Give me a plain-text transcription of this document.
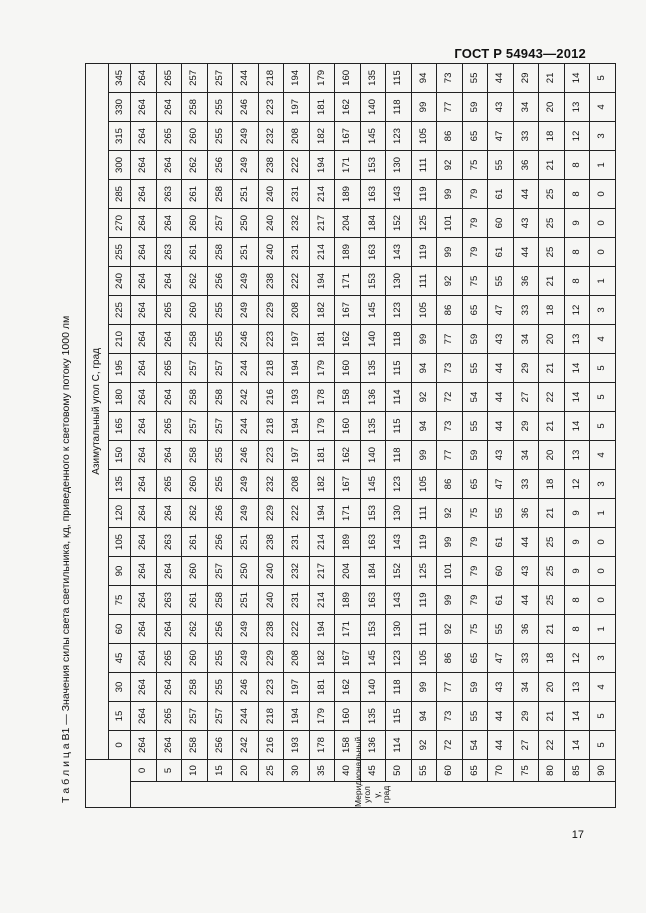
ГОСТ Р 54943—2012
Т а б л и ц а В1 — Значения силы света светильника, кд, приведенного к световому потоку 1000 лм
		Азимутальный угол C, град																							
		0	15	30	45	60	75	90	105	120	135	150	165	180	195	210	225	240	255	270	285	300	315	330	345
Меридиональный угол γ, град	0	264	264	264	264	264	264	264	264	264	264	264	264	264	264	264	264	264	264	264	264	264	264	264	264
	5	264	265	264	265	264	263	264	263	264	265	264	265	264	265	264	265	264	263	264	263	264	265	264	265
	10	258	257	258	260	262	261	260	261	262	260	258	257	258	257	258	260	262	261	260	261	262	260	258	257
	15	256	257	255	255	256	258	257	256	256	255	255	257	258	257	255	255	256	258	257	258	256	255	255	257
	20	242	244	246	249	249	251	250	251	249	249	246	244	242	244	246	249	249	251	250	251	249	249	246	244
	25	216	218	223	229	238	240	240	238	229	232	223	218	216	218	223	229	238	240	240	240	238	232	223	218
	30	193	194	197	208	222	231	232	231	222	208	197	194	193	194	197	208	222	231	232	231	222	208	197	194
	35	178	179	181	182	194	214	217	214	194	182	181	179	178	179	181	182	194	214	217	214	194	182	181	179
	40	158	160	162	167	171	189	204	189	171	167	162	160	158	160	162	167	171	189	204	189	171	167	162	160
	45	136	135	140	145	153	163	184	163	153	145	140	135	136	135	140	145	153	163	184	163	153	145	140	135
	50	114	115	118	123	130	143	152	143	130	123	118	115	114	115	118	123	130	143	152	143	130	123	118	115
	55	92	94	99	105	111	119	125	119	111	105	99	94	92	94	99	105	111	119	125	119	111	105	99	94
	60	72	73	77	86	92	99	101	99	92	86	77	73	72	73	77	86	92	99	101	99	92	86	77	73
	65	54	55	59	65	75	79	79	79	75	65	59	55	54	55	59	65	75	79	79	79	75	65	59	55
	70	44	44	43	47	55	61	60	61	55	47	43	44	44	44	43	47	55	61	60	61	55	47	43	44
	75	27	29	34	33	36	44	43	44	36	33	34	29	27	29	34	33	36	44	43	44	36	33	34	29
	80	22	21	20	18	21	25	25	25	21	18	20	21	22	21	20	18	21	25	25	25	21	18	20	21
	85	14	14	13	12	8	8	9	9	9	12	13	14	14	14	13	12	8	8	9	8	8	12	13	14
	90	5	5	4	3	1	0	0	0	1	3	4	5	5	5	4	3	1	0	0	0	1	3	4	5
17
